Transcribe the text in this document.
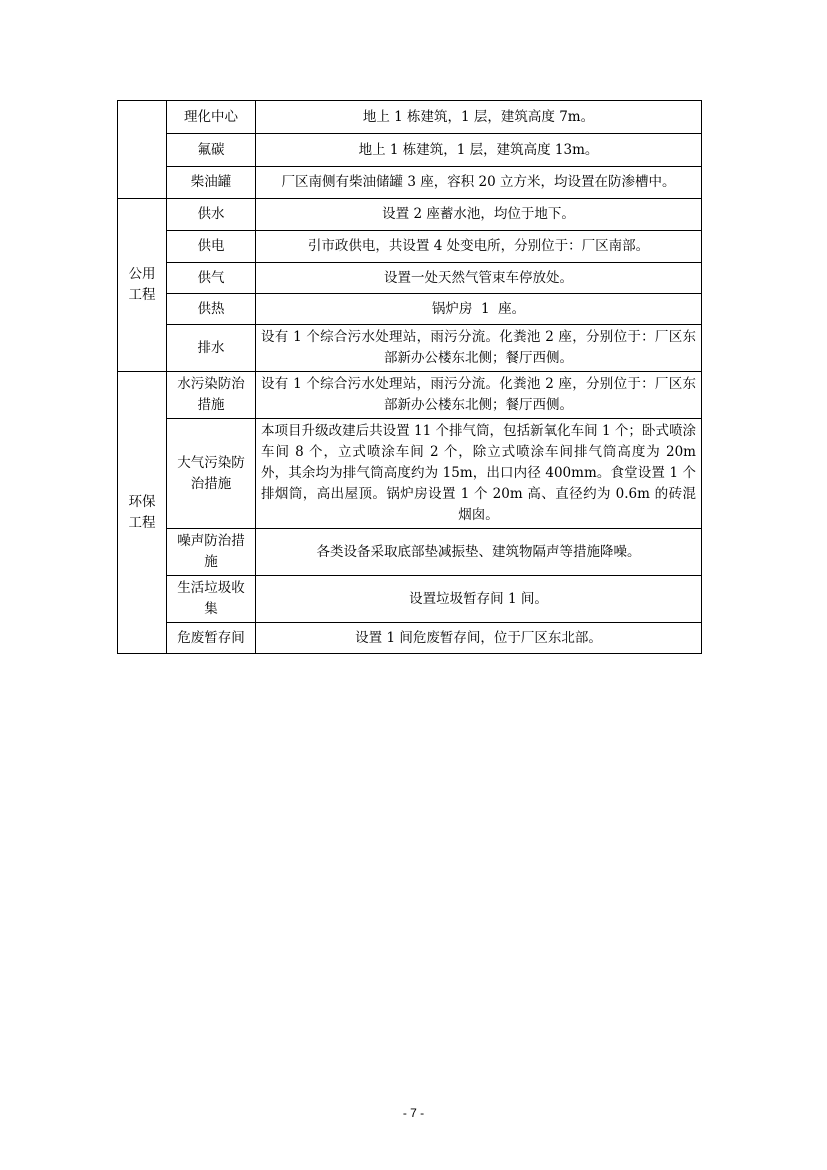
	理化中心	地上 1 栋建筑，1 层，建筑高度 7m。
	氟碳	地上 1 栋建筑，1 层，建筑高度 13m。
	柴油罐	厂区南侧有柴油储罐 3 座，容积 20 立方米，均设置在防渗槽中。
公用工程	供水	设置 2 座蓄水池，均位于地下。
	供电	引市政供电，共设置 4 处变电所，分别位于：厂区南部。
	供气	设置一处天然气管束车停放处。
	供热	锅炉房  1  座。
	排水	设有 1 个综合污水处理站，雨污分流。化粪池 2 座，分别位于：厂区东部新办公楼东北侧；餐厅西侧。
环保工程	水污染防治措施	设有 1 个综合污水处理站，雨污分流。化粪池 2 座，分别位于：厂区东部新办公楼东北侧；餐厅西侧。
	大气污染防治措施	本项目升级改建后共设置 11 个排气筒，包括新氧化车间 1 个；卧式喷涂车间 8 个，立式喷涂车间 2 个，除立式喷涂车间排气筒高度为 20m 外，其余均为排气筒高度约为 15m，出口内径 400mm。食堂设置 1 个排烟筒，高出屋顶。锅炉房设置 1 个 20m 高、直径约为 0.6m 的砖混烟囱。
	噪声防治措施	各类设备采取底部垫减振垫、建筑物隔声等措施降噪。
	生活垃圾收集	设置垃圾暂存间 1 间。
	危废暂存间	设置 1 间危废暂存间，位于厂区东北部。
- 7 -
